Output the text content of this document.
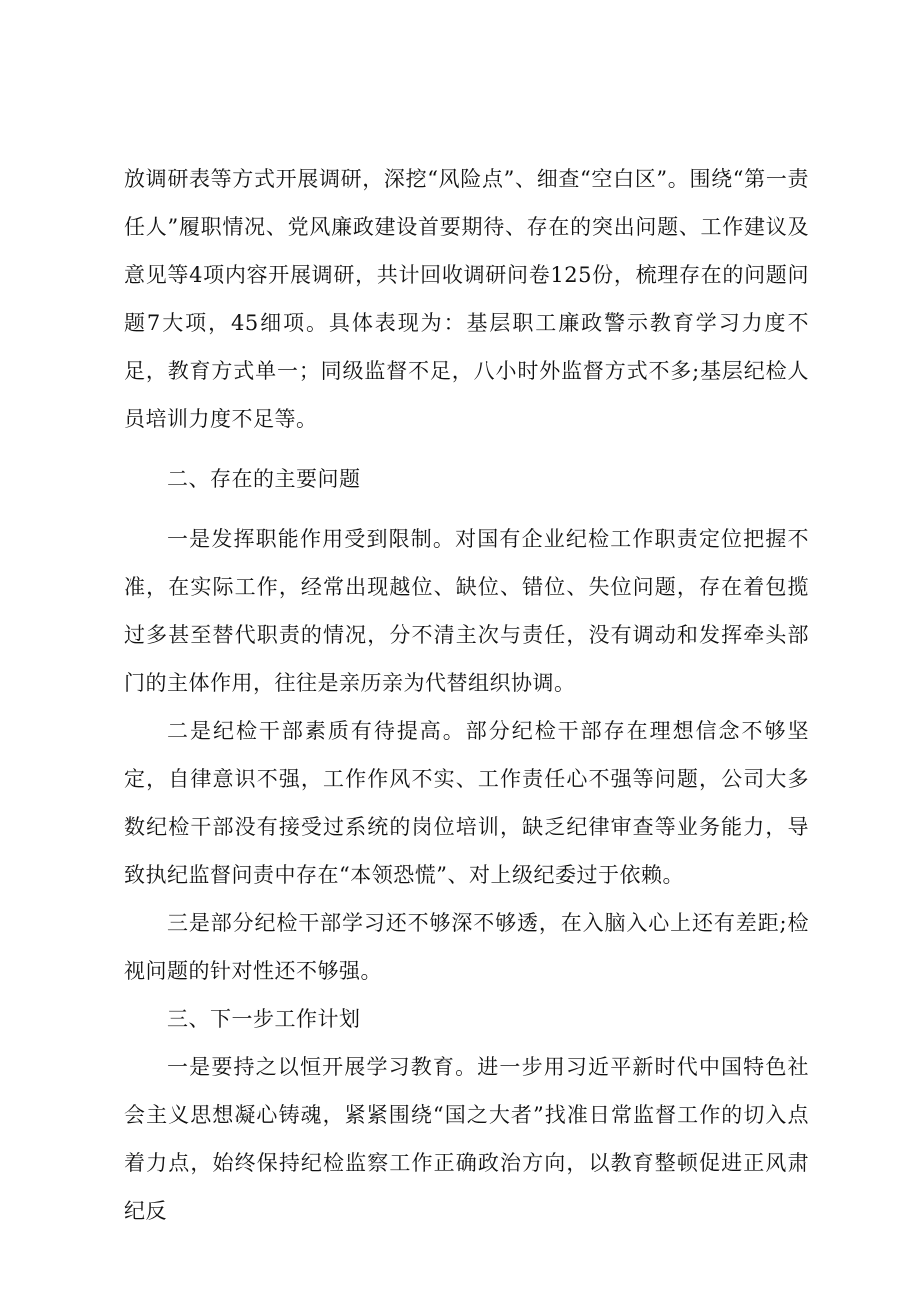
放调研表等方式开展调研，深挖“风险点”、细查“空白区”。围绕“第一责任人”履职情况、党风廉政建设首要期待、存在的突出问题、工作建议及意见等4项内容开展调研，共计回收调研问卷125份，梳理存在的问题问题7大项，45细项。具体表现为：基层职工廉政警示教育学习力度不足，教育方式单一；同级监督不足，八小时外监督方式不多;基层纪检人员培训力度不足等。

二、存在的主要问题

一是发挥职能作用受到限制。对国有企业纪检工作职责定位把握不准，在实际工作，经常出现越位、缺位、错位、失位问题，存在着包揽过多甚至替代职责的情况，分不清主次与责任，没有调动和发挥牵头部门的主体作用，往往是亲历亲为代替组织协调。

二是纪检干部素质有待提高。部分纪检干部存在理想信念不够坚定，自律意识不强，工作作风不实、工作责任心不强等问题，公司大多数纪检干部没有接受过系统的岗位培训，缺乏纪律审查等业务能力，导致执纪监督问责中存在“本领恐慌”、对上级纪委过于依赖。

三是部分纪检干部学习还不够深不够透，在入脑入心上还有差距;检视问题的针对性还不够强。

三、下一步工作计划

一是要持之以恒开展学习教育。进一步用习近平新时代中国特色社会主义思想凝心铸魂，紧紧围绕“国之大者”找准日常监督工作的切入点着力点，始终保持纪检监察工作正确政治方向，以教育整顿促进正风肃纪反
